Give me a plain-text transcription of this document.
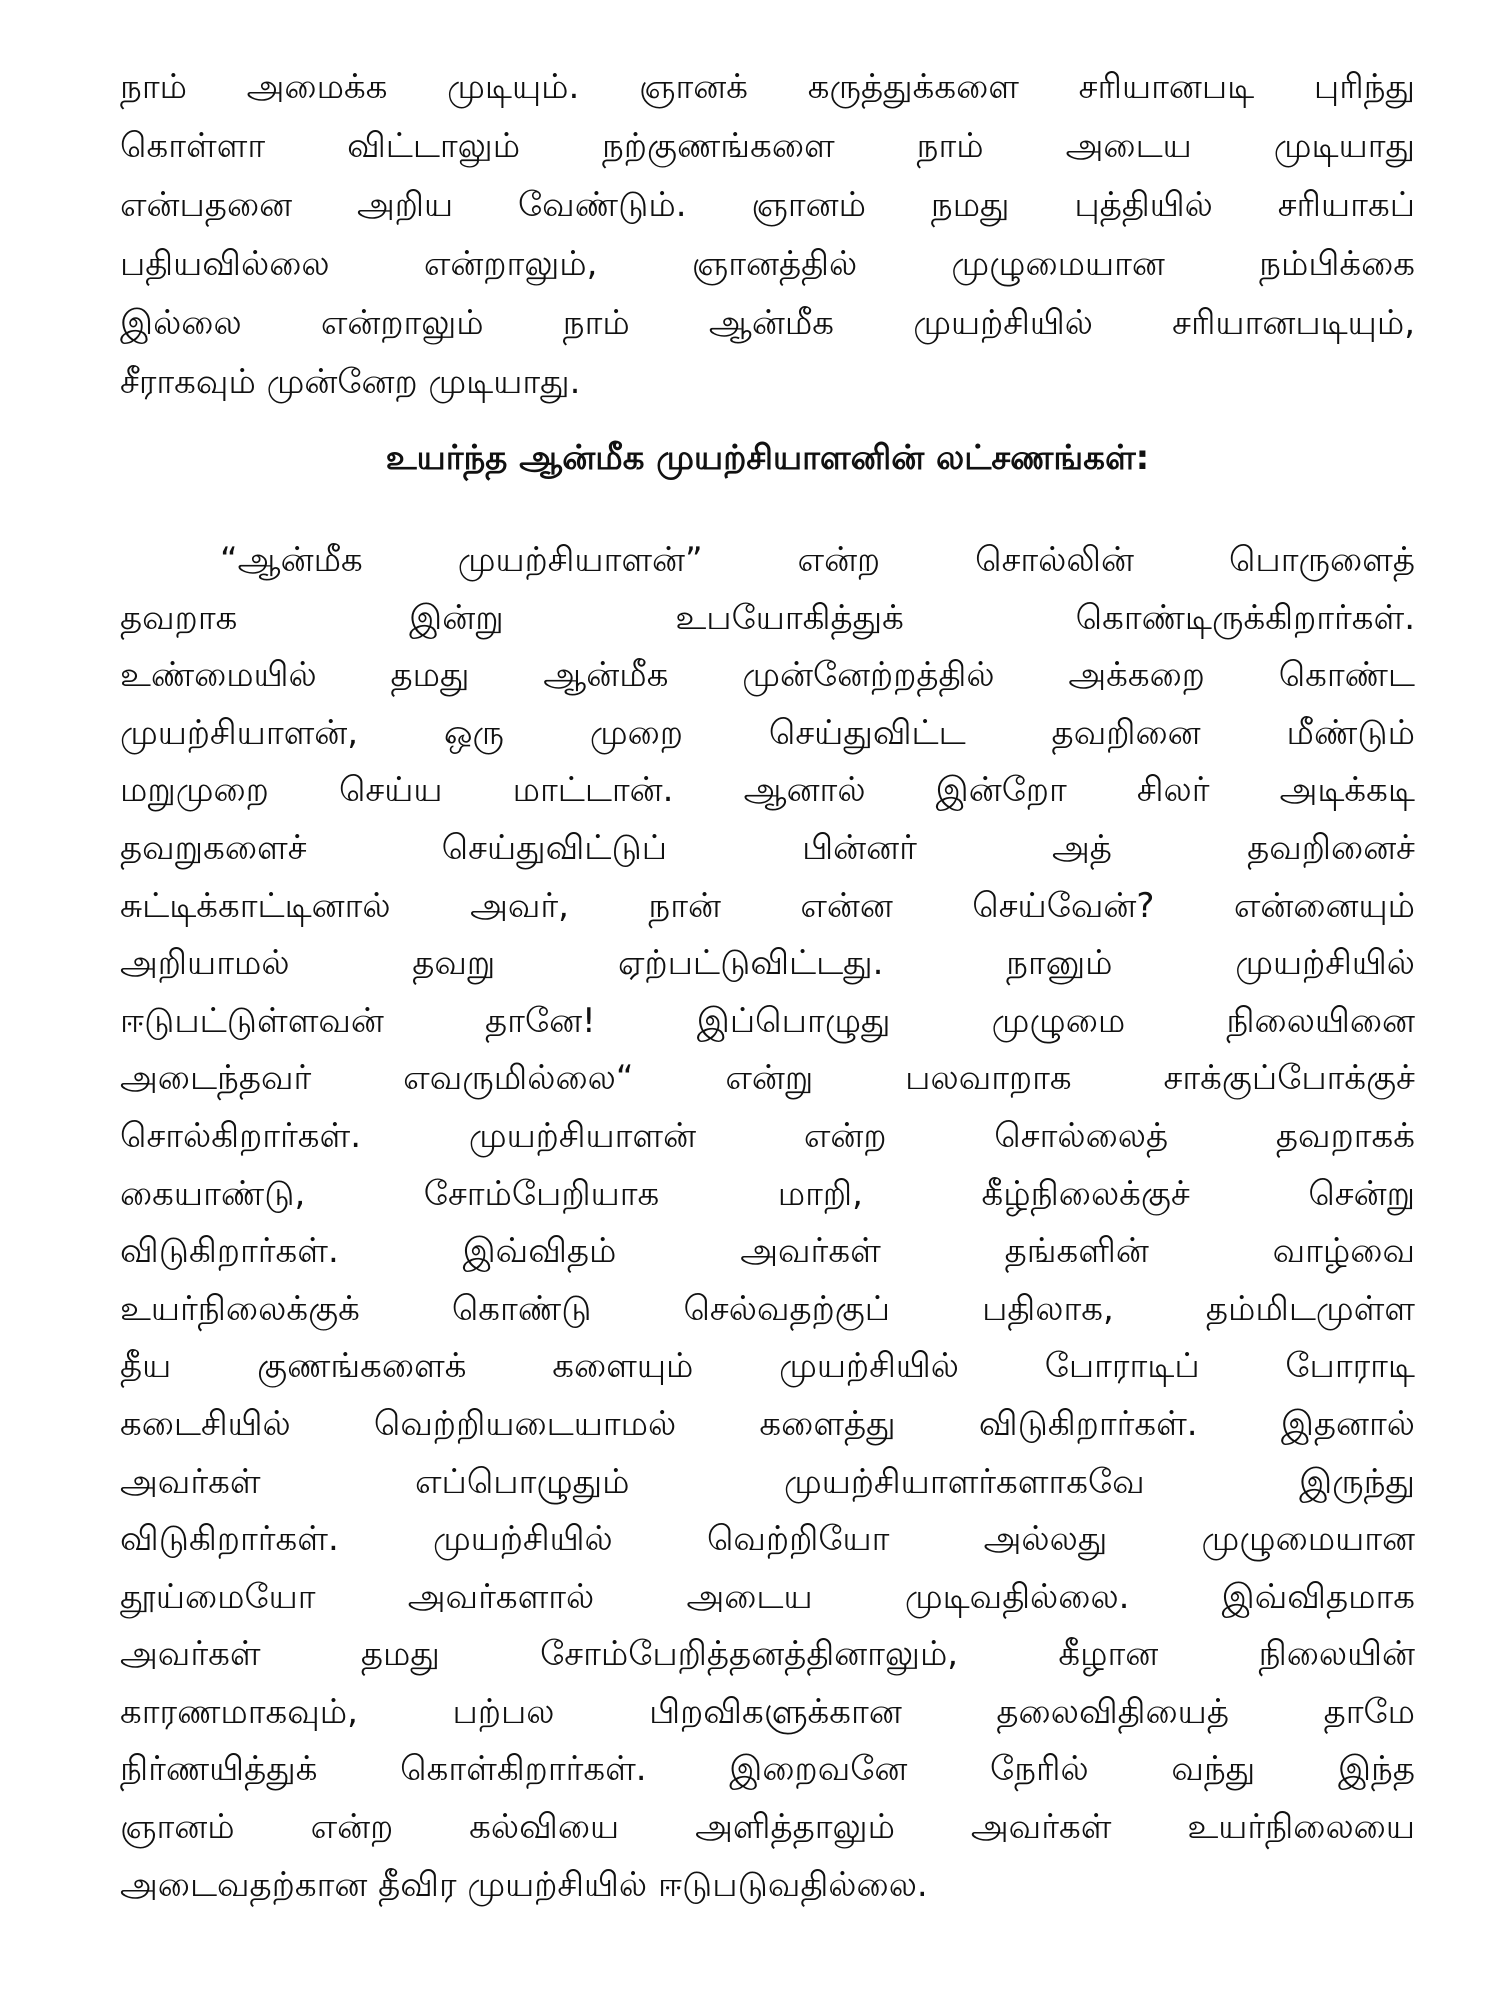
நாம் அமைக்க முடியும். ஞானக் கருத்துக்களை சரியானபடி புரிந்து
கொள்ளா விட்டாலும் நற்குணங்களை நாம் அடைய முடியாது
என்பதனை அறிய வேண்டும். ஞானம் நமது புத்தியில் சரியாகப்
பதியவில்லை என்றாலும், ஞானத்தில் முழுமையான நம்பிக்கை
இல்லை என்றாலும் நாம் ஆன்மீக முயற்சியில் சரியானபடியும்,
சீராகவும் முன்னேற முடியாது.
உயர்ந்த ஆன்மீக முயற்சியாளனின் லட்சணங்கள்:
“ஆன்மீக முயற்சியாளன்” என்ற சொல்லின் பொருளைத்
தவறாக இன்று உபயோகித்துக் கொண்டிருக்கிறார்கள்.
உண்மையில் தமது ஆன்மீக முன்னேற்றத்தில் அக்கறை கொண்ட
முயற்சியாளன், ஒரு முறை செய்துவிட்ட தவறினை மீண்டும்
மறுமுறை செய்ய மாட்டான். ஆனால் இன்றோ சிலர் அடிக்கடி
தவறுகளைச் செய்துவிட்டுப் பின்னர் அத் தவறினைச்
சுட்டிக்காட்டினால் அவர், நான் என்ன செய்வேன்? என்னையும்
அறியாமல் தவறு ஏற்பட்டுவிட்டது. நானும் முயற்சியில்
ஈடுபட்டுள்ளவன் தானே! இப்பொழுது முழுமை நிலையினை
அடைந்தவர் எவருமில்லை“ என்று பலவாறாக சாக்குப்போக்குச்
சொல்கிறார்கள். முயற்சியாளன் என்ற சொல்லைத் தவறாகக்
கையாண்டு, சோம்பேறியாக மாறி, கீழ்நிலைக்குச் சென்று
விடுகிறார்கள். இவ்விதம் அவர்கள் தங்களின் வாழ்வை
உயர்நிலைக்குக் கொண்டு செல்வதற்குப் பதிலாக, தம்மிடமுள்ள
தீய குணங்களைக் களையும் முயற்சியில் போராடிப் போராடி
கடைசியில் வெற்றியடையாமல் களைத்து விடுகிறார்கள். இதனால்
அவர்கள் எப்பொழுதும் முயற்சியாளர்களாகவே இருந்து
விடுகிறார்கள். முயற்சியில் வெற்றியோ அல்லது முழுமையான
தூய்மையோ அவர்களால் அடைய முடிவதில்லை. இவ்விதமாக
அவர்கள் தமது சோம்பேறித்தனத்தினாலும், கீழான நிலையின்
காரணமாகவும், பற்பல பிறவிகளுக்கான தலைவிதியைத் தாமே
நிர்ணயித்துக் கொள்கிறார்கள். இறைவனே நேரில் வந்து இந்த
ஞானம் என்ற கல்வியை அளித்தாலும் அவர்கள் உயர்நிலையை
அடைவதற்கான தீவிர முயற்சியில் ஈடுபடுவதில்லை.
